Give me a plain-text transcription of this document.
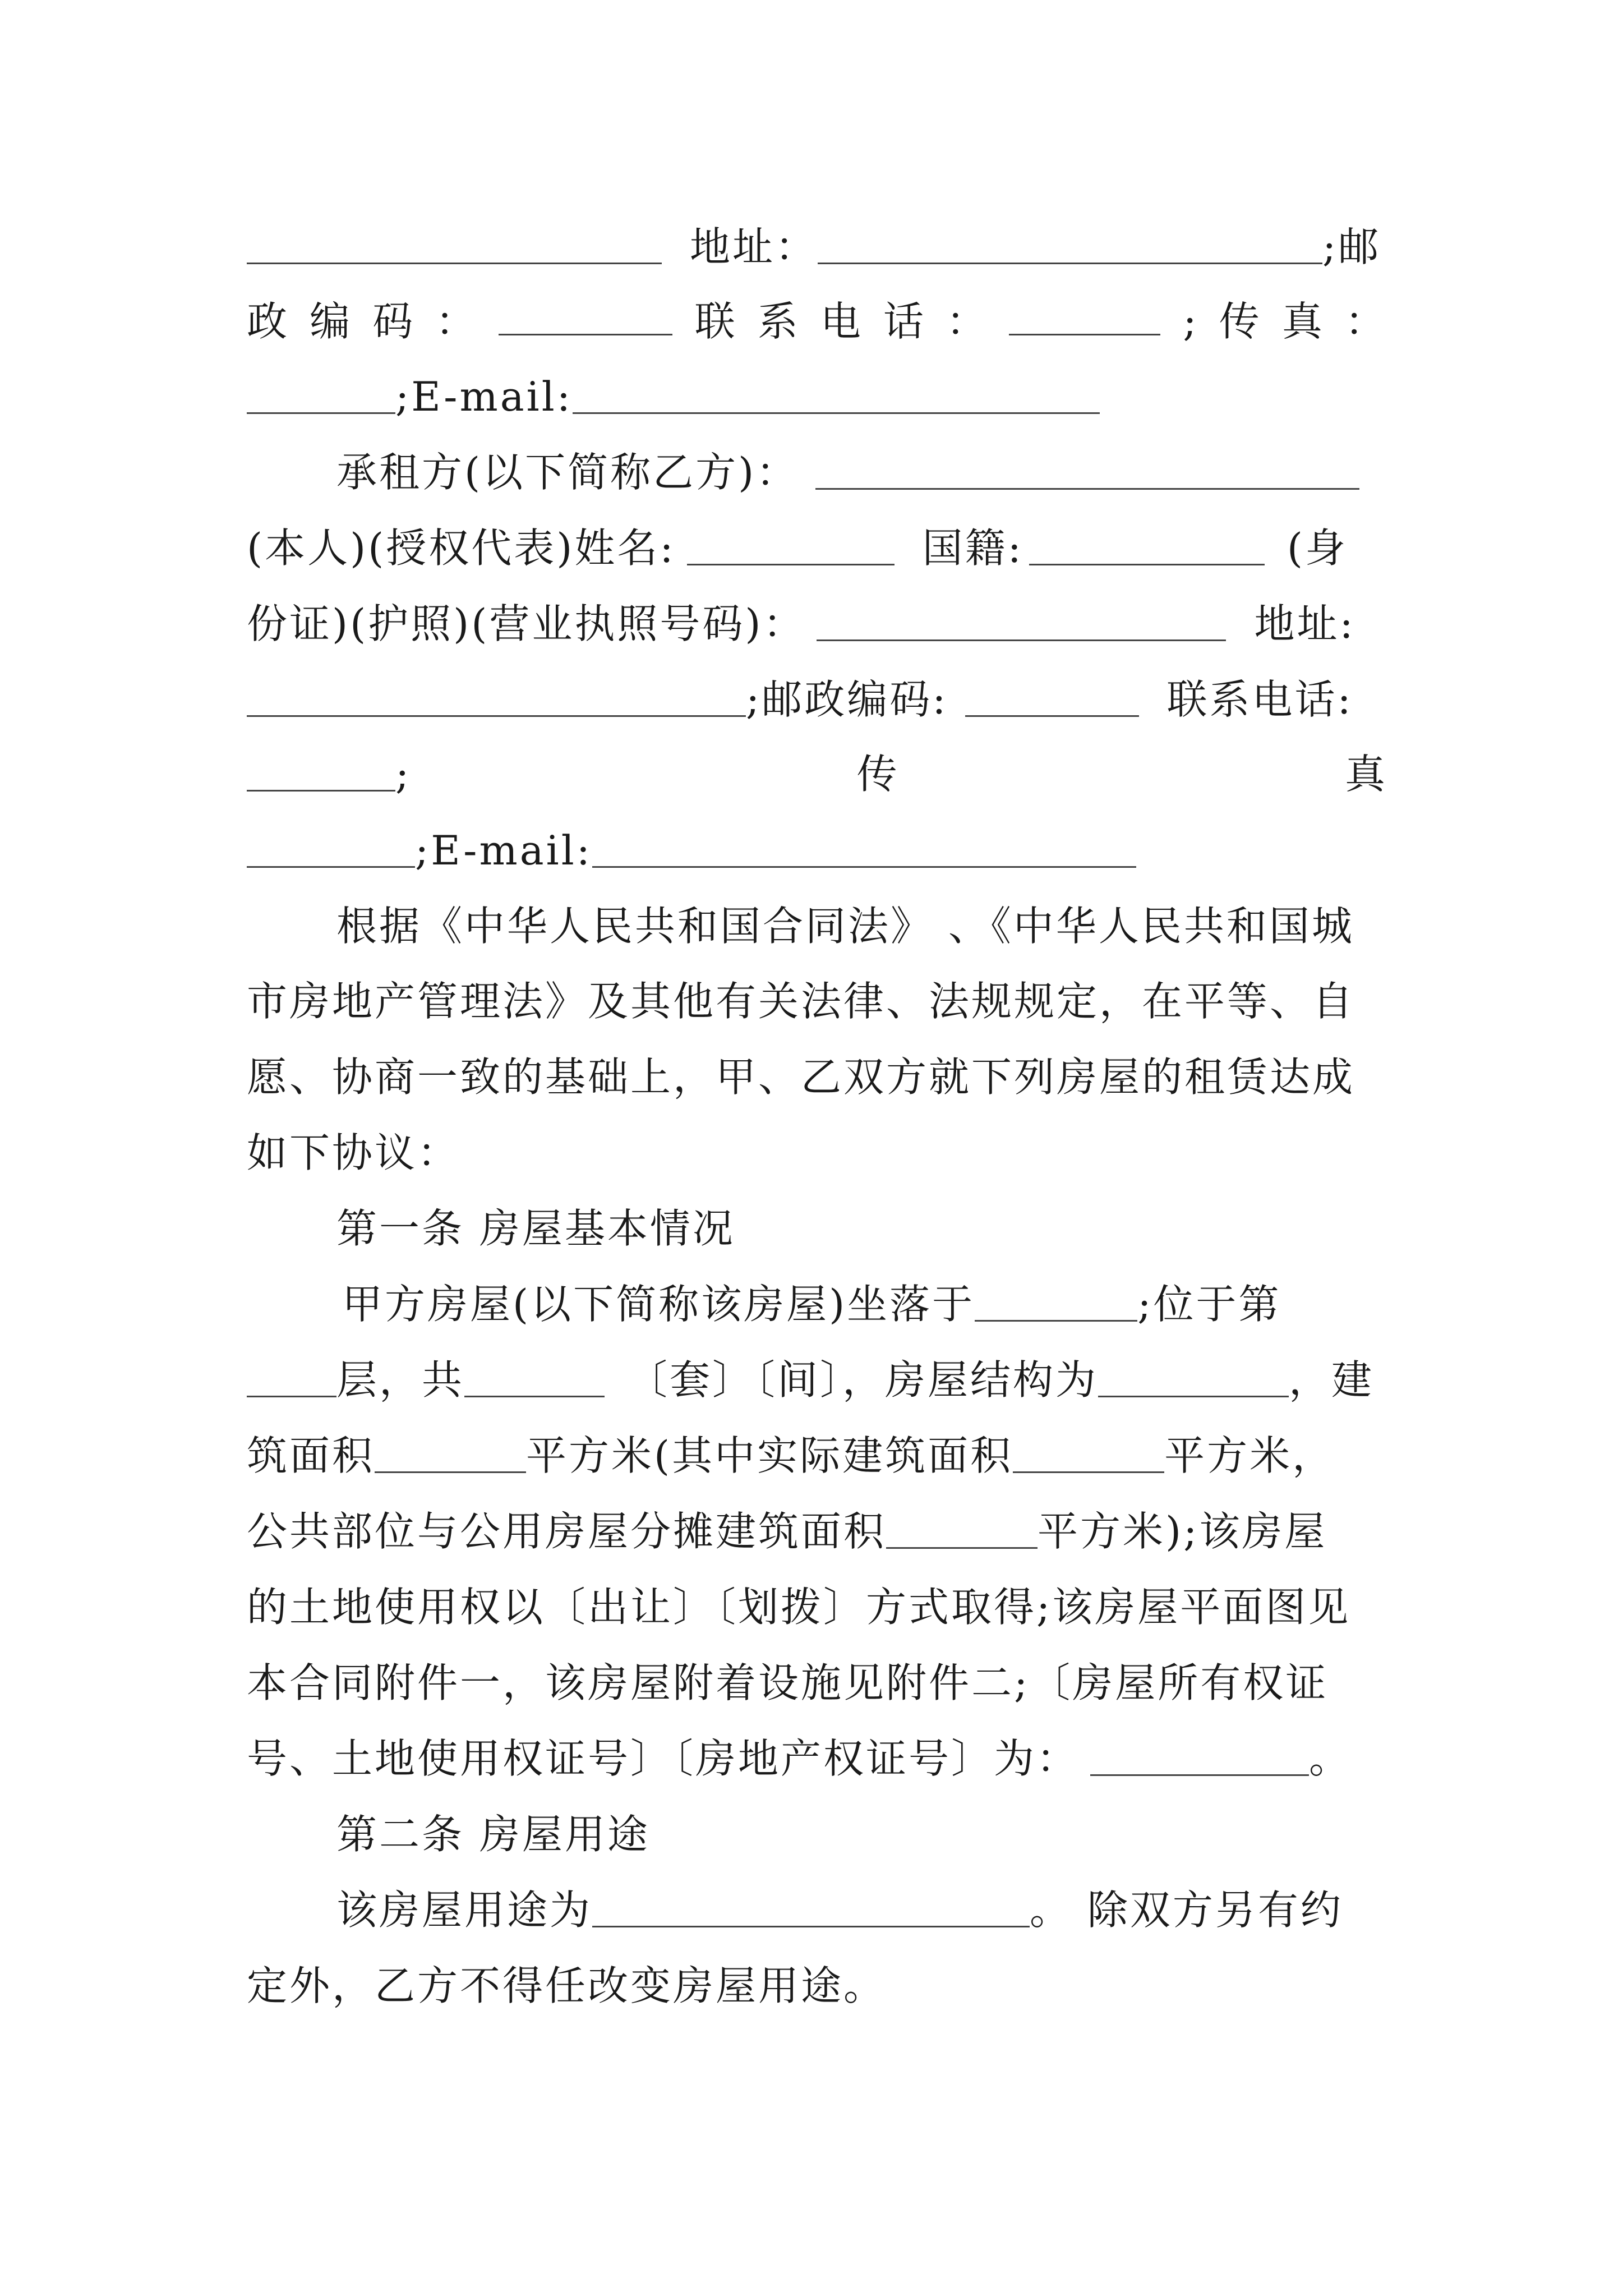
地址：	;邮
政 编 码 ：	联 系 电 话 ：	; 传 真 ：
;E-mail:
承租方(以下简称乙方)：
(本人)(授权代表)姓名:	国籍:	(身
份证)(护照)(营业执照号码)：	地址:
;邮政编码:	联系电话:
;	传	真
;E-mail:
根据《中华人民共和国合同法》 、《中华人民共和国城
市房地产管理法》及其他有关法律、法规规定，在平等、自
愿、协商一致的基础上，甲、乙双方就下列房屋的租赁达成
如下协议：
第一条 房屋基本情况
甲方房屋(以下简称该房屋)坐落于	;位于第
层，共	〔套〕〔间〕，房屋结构为	，建
筑面积	平方米(其中实际建筑面积	平方米，
公共部位与公用房屋分摊建筑面积	平方米);该房屋
的土地使用权以〔出让〕〔划拨〕方式取得;该房屋平面图见
本合同附件一，该房屋附着设施见附件二;〔房屋所有权证
号、土地使用权证号〕〔房地产权证号〕为：	。
第二条 房屋用途
该房屋用途为	。 除双方另有约
定外，乙方不得任改变房屋用途。
